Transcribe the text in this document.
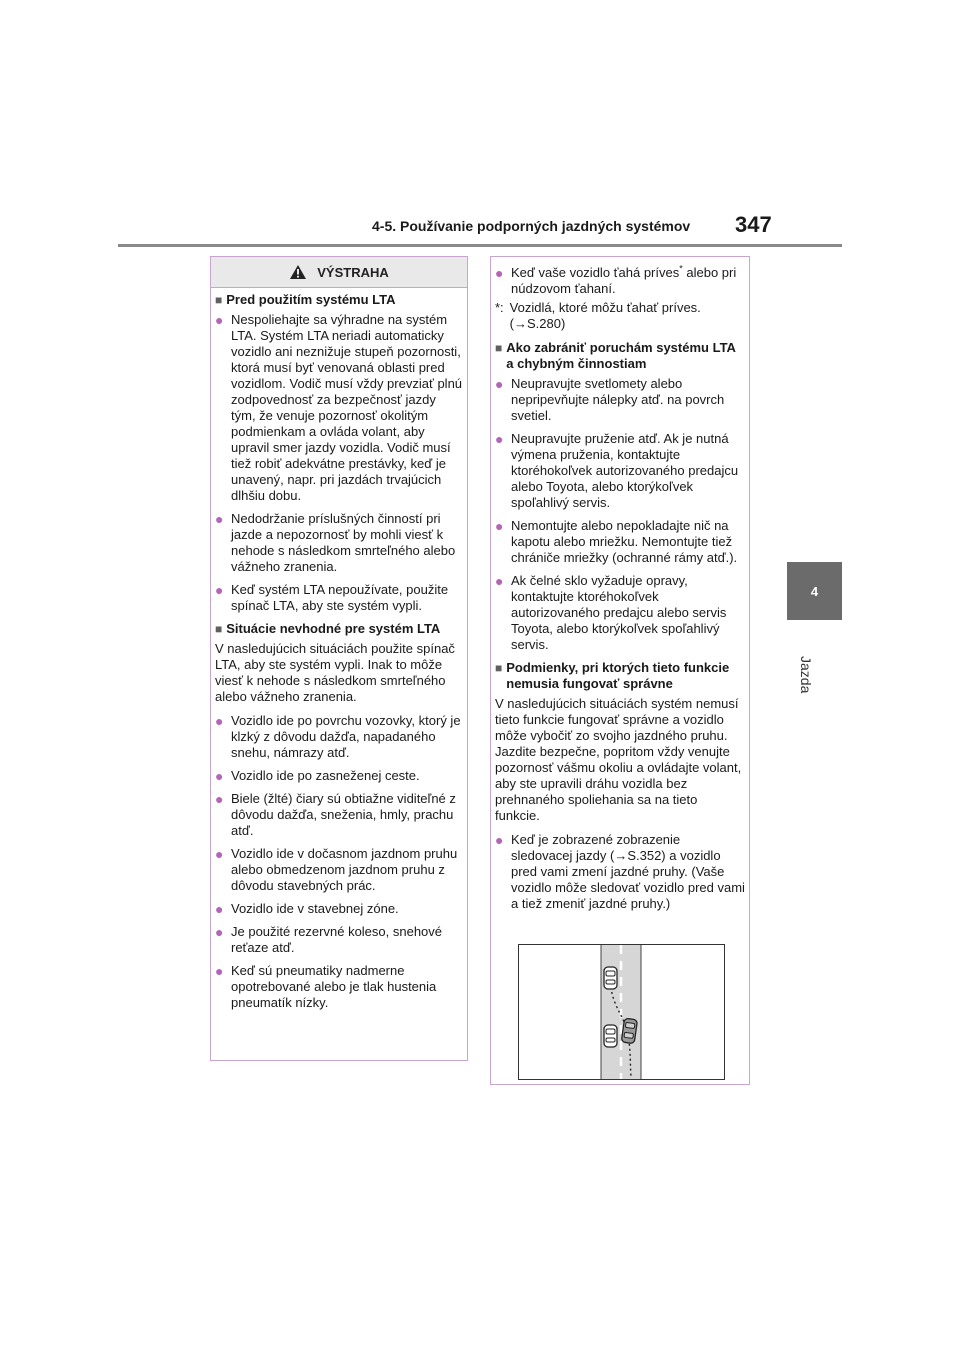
4-5. Používanie podporných jazdných systémov 347
4
Jazda
VÝSTRAHA
■ Pred použitím systému LTA
● Nespoliehajte sa výhradne na systém LTA. Systém LTA neriadi automaticky vozidlo ani neznižuje stupeň pozornosti, ktorá musí byť venovaná oblasti pred vozidlom. Vodič musí vždy prevziať plnú zodpovednosť za bezpečnosť jazdy tým, že venuje pozornosť okolitým podmienkam a ovláda volant, aby upravil smer jazdy vozidla. Vodič musí tiež robiť adekvátne prestávky, keď je unavený, napr. pri jazdách trvajúcich dlhšiu dobu.
● Nedodržanie príslušných činností pri jazde a nepozornosť by mohli viesť k nehode s následkom smrteľného alebo vážneho zranenia.
● Keď systém LTA nepoužívate, použite spínač LTA, aby ste systém vypli.
■ Situácie nevhodné pre systém LTA
V nasledujúcich situáciách použite spínač LTA, aby ste systém vypli. Inak to môže viesť k nehode s následkom smrteľného alebo vážneho zranenia.
● Vozidlo ide po povrchu vozovky, ktorý je klzký z dôvodu dažďa, napadaného snehu, námrazy atď.
● Vozidlo ide po zasneženej ceste.
● Biele (žlté) čiary sú obtiažne viditeľné z dôvodu dažďa, sneženia, hmly, prachu atď.
● Vozidlo ide v dočasnom jazdnom pruhu alebo obmedzenom jazdnom pruhu z dôvodu stavebných prác.
● Vozidlo ide v stavebnej zóne.
● Je použité rezervné koleso, snehové reťaze atď.
● Keď sú pneumatiky nadmerne opotrebované alebo je tlak hustenia pneumatík nízky.
● Keď vaše vozidlo ťahá príves* alebo pri núdzovom ťahaní.
*: Vozidlá, ktoré môžu ťahať príves. (→S.280)
■ Ako zabrániť poruchám systému LTA a chybným činnostiam
● Neupravujte svetlomety alebo nepripevňujte nálepky atď. na povrch svetiel.
● Neupravujte pruženie atď. Ak je nutná výmena pruženia, kontaktujte ktoréhokoľvek autorizovaného predajcu alebo Toyota, alebo ktorýkoľvek spoľahlivý servis.
● Nemontujte alebo nepokladajte nič na kapotu alebo mriežku. Nemontujte tiež chrániče mriežky (ochranné rámy atď.).
● Ak čelné sklo vyžaduje opravy, kontaktujte ktoréhokoľvek autorizovaného predajcu alebo servis Toyota, alebo ktorýkoľvek spoľahlivý servis.
■ Podmienky, pri ktorých tieto funkcie nemusia fungovať správne
V nasledujúcich situáciách systém nemusí tieto funkcie fungovať správne a vozidlo môže vybočiť zo svojho jazdného pruhu. Jazdite bezpečne, popritom vždy venujte pozornosť vášmu okoliu a ovládajte volant, aby ste upravili dráhu vozidla bez prehnaného spoliehania sa na tieto funkcie.
● Keď je zobrazené zobrazenie sledovacej jazdy (→S.352) a vozidlo pred vami zmení jazdné pruhy. (Vaše vozidlo môže sledovať vozidlo pred vami a tiež zmeniť jazdné pruhy.)
